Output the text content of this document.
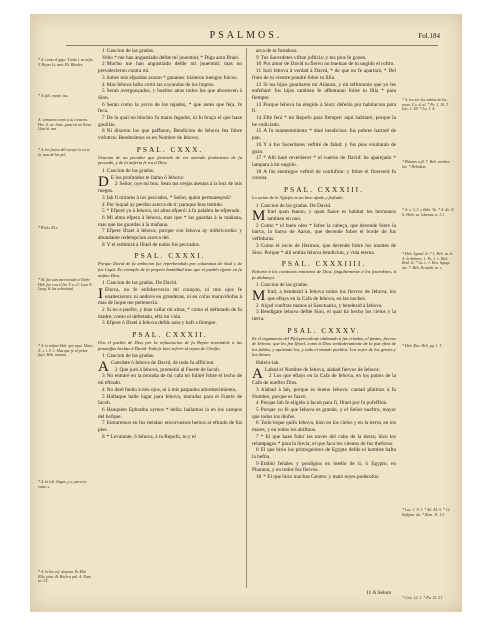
PSALMOS.	Fol.184
* A. como el gigo. Y.todo l. su sefio. Y. Reyes Lt. meo Eli. Rhodes.
* A. fuh. mano: tus.
A. sornaron como a su corazon. Her. A. sir. Auto. gana en mi Nosa. Llan bi. ma.
* A. los frutos del cuerpo lo en te fo. tuas de las pel.
* Psal.s 45.s
* M. fue aun ma enviado el Sabir. Heb. fue con el fin. Y a. s7. Luze E. Lueg. & las sobretitud.
* A. lo mifmo Heb. que apui. Maru. A. s. t. 4. 1. Mas que fo al pobre fuyo. Heb. miarou.
* A. la Lth. llagas, y a. para-ra vana. s.
* A. lo las cof. depana. Es Ella Ella. pino. B. Hech-a pal. A. Num. zo. 33.

1 Cancion de las gradas.

Vebo * me han angustiado defde mi juuentud, * Diga aora Ifrael.

2 Mucho me han angustiado defde mi juuentud: mas no prevalecieron contra mi.

3 Sobre mis efpaldas araron * gananes: hizieron luengos fulcos.

4 Mas Iehova Iufto cortó las coyundas de los impios.

5 Seran avergonçados, y bueltos atras todos los que aborrecen à Sion.

6 Serán como la yerva de los tejados, * que antes que fe(a, fe feca.

7 De la qual no hinchio fu mano fegador, ni fu braço el que haze gauillas.

8 Ni dixeron los que paffaron, Bendicion de Iehova fea fobre vofotros: Bendezimos os en Nombre de Iehova.

PSAL. CXXX.

Oracion de un pecador que faviendo de ver aziendo fentimiento de fu peccado, y de fu miferia fe ira â Dios.

1 Cancion de las gradas.

D E los profundos te llamo ô Iehova:

2 Señor, oye mi boz. Sean tus orejas atentas à la boz de mis ruegos.

3 Iah fi mirares à los peccados, * Señor, quien permaneçerá?

4 Por loqual ay perdon acerca de ti: paraque feas temido.

5 * Efperé yo à Iehova, mi alma efperó: à fu palabra he efperado.

6 Mi alma efpera à Iehova, mas que * las guardas à la mañana, mas que las guardas à la mañana.

7 Efpere Ifrael à Iehova, porque con Iehova ay mifericordia: y abundante redempcion acerca del.

8 Y el redimirá à Ifrael de todos fus peccados.

PSAL. CXXXI.

Porque David de fu ambicion fue reprehendido por calumnias de Saul y de fus Capit. En exemplo de fu proprio humildad trae que el pueblo efpere en fu mifmo Dios.

1 Cancion de las gradas. De David.

I Ehova, no fe enfobervecio mi coraçon, ni mis ojos fe enaltecieron: ni anduve en grandezas, ni en cofas maravillofas à mas de loque me pertenecia.

2 Si no e puefto, y hize callar mi alma, * como el deftetado de fu madre; como el deftetado, eftá mi vida.

3 Efpere ô Ifrael à Iehova defde aora y haft a fiempre.

PSAL. CXXXII.

Ora el pueblo de Dios por la reftauracion de fu Reyno teniendole à las promeffas hechas â David. Todo fe hizo referir al reyno de Chrifto.

1 Cancion de las gradas.

A Cuerdate ô Iehova de David, de toda fu afflicion.

2 Que juró à Iehova, prometió al Fuerte de Iacob.

3 No entraré en la morada de mi cafa no fubiré fobre el lecho de mi eftrado.

4 No daré fueño à mis ojos, ni à mis parpados adormecimiento,

5 Haftaque halle lugar para Iehova, moradas para el Fuerte de Iacob.

6 Heaquien Ephratha oymos * della: hallamos la en los campos del bofque.

7 Entraremos en fus tiendas: encorvarnos hemos al eftrado de fus pies.

8 * Levantate, ô Iehova, à tu Repofo, tu y el

arca de tu fortaleza.

9 Tus Sacerdotes viftan juftícia: y tus pios fe gozen.

10 Por amor de David tu fiervo no bueluas de tu ungido el roftro.

11 Iuró Iehova â verdad à David, * de que no fe apartará, * Del fruto de tu vientre pondré fobre tu filla.

12 Si tus hijos guardaren mi Alianza, y mi teftimonio que yo les enfeñaré: fus hijos tambien fe affentaran fobre tu filla * para fiempre.

13 Porque Iehova ha elegido à Sion: defeóla por habitacion para fi.

14 Efte ferá * mi Repofo para fiempre: aqui habitaré, porque la he codiciado.

15 A fu mantenimiento * daré bendicion: fus pobres hartaré de pan.

16 Y à fus Sacerdotes veftiré de falud: y fus pios exultarán de gozo.

17 * Alli haré reverdecer * el cuerno de David: he aparejado * lampara à mi ungido.

18 A fus enemigos veftiré de confufion: y fobre el florecerá fu corona.

PSAL. CXXXIII.

La union de la Yglefia es un bien ufado y fieftado.

1 Cancion de las gradas. De David.

M Irad quan bueno, y quan fuave es habitar los hermanos tambien en uno.

2 Como * el buen oleo * fobre la cabeça, que decende fobre la barva, la barva de Aaron, que decende fobre el borde de fus veftiduras.

3 Como el rocio de Hermon, que decende fobre los montes de Sion. Porque * alli embia Iehova bendicion, y vida eterna.

PSAL. CXXXIIII.

Exhorta à los continuos ministros de Dios, fingularmente à los facerdotes, â fu alabança.

1 Cancion de las gradas.

M Irad, a bendezid à Iehova todos los fiervos de Iehova, los que eftays en la Cafa de Iehova, en las noches.

2 Alçad vueftras manos al Sanctuario, y bendezid à Iehova.

3 Bendigate Iehova defde Sion, el qual ha hecho los cielos y la tierra.

PSAL. CXXXV.

Es el argumento del Pfal.precedente alabando à fus criados, el fantos, fiervos de Iehova: que les fon Ifrael, como à Dios verdaderamente de la paz eftos de los faldos, y apartado los, y todo el mundo pueblos. Los reyes de los gentes y los dioses.

Halelu-iah.

A Labad el Nombre de Iehova, alabad fiervos de Iehova:

2 Los que eftays en la Cafa de Iehova, en los patios de la Cafa de nueftro Dios.

3 Alabad à Iah, porque es bueno Iehova: cantad pfalmos à fu Nombre, porque es fuave.

4 Porque Iah fe eligido à Iacob para fi, Ifrael por fu pofeffion.

5 Porque yo fé que Iehova es grande, y el Señor nueftro, mayor que todos los diofes.

6 Todo loque quifo Iehova, hizo en los cielos y en la tierra, en los mares, y en todos los abifmos.

7 * El que haze fubir las nuves del cabo de la tierra; hizo los relampagos * para la lluvia; el que faca los vientos de fus theforos.

8 El que hirio los primogenitos de Egypto defde el hombre hafta la beftia.

9 Embió feñales y prodigios en medio de ti, ô Egypto, en Pharaon, y en todos fus fiervos.

10 * El que hirio muchas Gentes: y mató reyes poderofos.

* A. los ser. los sabios de los reyes. Co. d. al. * Pe. 1. 10. T. Luc. 1. 69. * Lu. 1. 4.
* Plantas cofl. 7. Heb. arrebos los. * Hebidem.
* A. s. 3. 3. y Ilder. Tu. * A. do. N. li. Hebr. su. Ldamas. a. 1.1.
* Heb. ligand. Ir. * 1. Heb. tu. Ir. A. la ñmbres. 1. Ps. 1. e. Ibid. Real. Ir. * Lu. c. 1. Ren. ligage. tus. 7. Heb. Eratade. m. c.
* Heb. Rea. Heb. pg. 1. 5.
* Luc. 1. 9. 1. * 40. 44. 5. * 12. Enftpan. da. * Rom. 11. 13.
* Gon. 12. 1. * Pu. 13. 21.
11 A Sehon
